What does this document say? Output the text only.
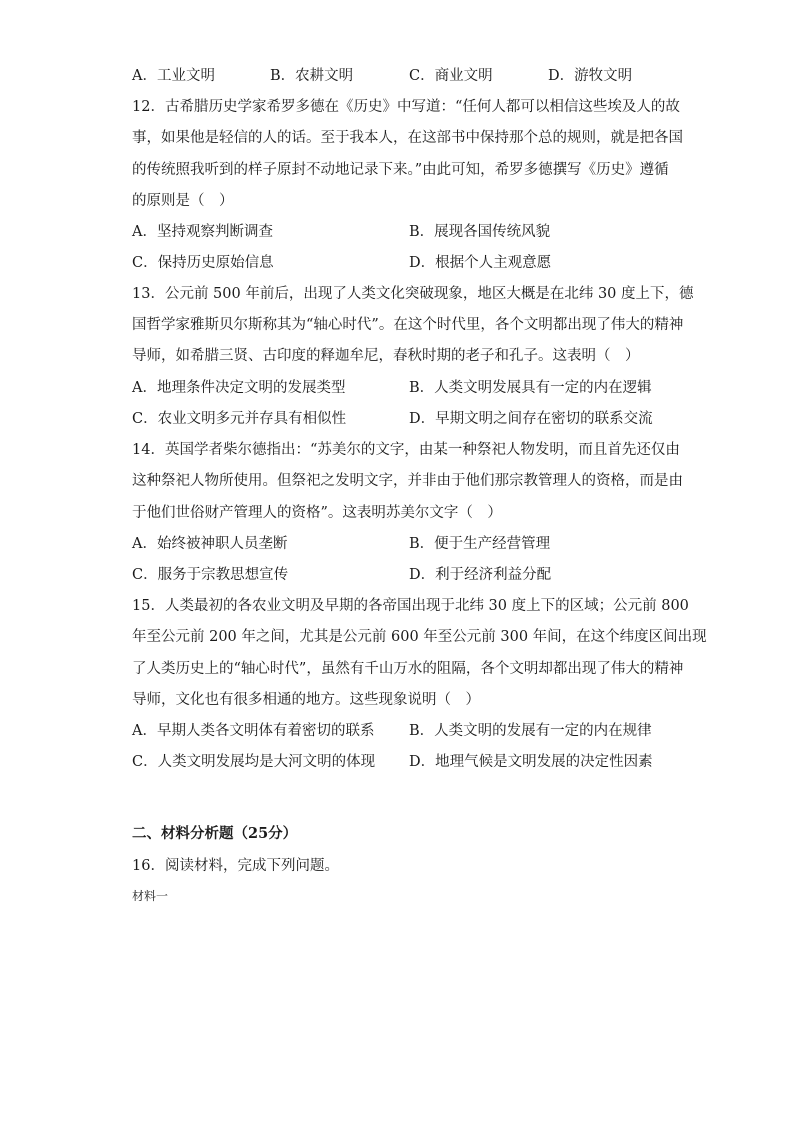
A．工业文明	B．农耕文明	C．商业文明	D．游牧文明
12．古希腊历史学家希罗多德在《历史》中写道：“任何人都可以相信这些埃及人的故
事，如果他是轻信的人的话。至于我本人，在这部书中保持那个总的规则，就是把各国
的传统照我听到的样子原封不动地记录下来。”由此可知，希罗多德撰写《历史》遵循
的原则是（　）
A．坚持观察判断调查	B．展现各国传统风貌
C．保持历史原始信息	D．根据个人主观意愿
13．公元前 500 年前后，出现了人类文化突破现象，地区大概是在北纬 30 度上下，德
国哲学家雅斯贝尔斯称其为“轴心时代”。在这个时代里，各个文明都出现了伟大的精神
导师，如希腊三贤、古印度的释迦牟尼，春秋时期的老子和孔子。这表明（　）
A．地理条件决定文明的发展类型	B．人类文明发展具有一定的内在逻辑
C．农业文明多元并存具有相似性	D．早期文明之间存在密切的联系交流
14．英国学者柴尔德指出：“苏美尔的文字，由某一种祭祀人物发明，而且首先还仅由
这种祭祀人物所使用。但祭祀之发明文字，并非由于他们那宗教管理人的资格，而是由
于他们世俗财产管理人的资格”。这表明苏美尔文字（　）
A．始终被神职人员垄断	B．便于生产经营管理
C．服务于宗教思想宣传	D．利于经济利益分配
15．人类最初的各农业文明及早期的各帝国出现于北纬 30 度上下的区域；公元前 800
年至公元前 200 年之间，尤其是公元前 600 年至公元前 300 年间，在这个纬度区间出现
了人类历史上的“轴心时代”，虽然有千山万水的阻隔，各个文明却都出现了伟大的精神
导师，文化也有很多相通的地方。这些现象说明（　）
A．早期人类各文明体有着密切的联系 B．人类文明的发展有一定的内在规律
C．人类文明发展均是大河文明的体现 D．地理气候是文明发展的决定性因素
二、材料分析题（25分）
16．阅读材料，完成下列问题。
材料一
